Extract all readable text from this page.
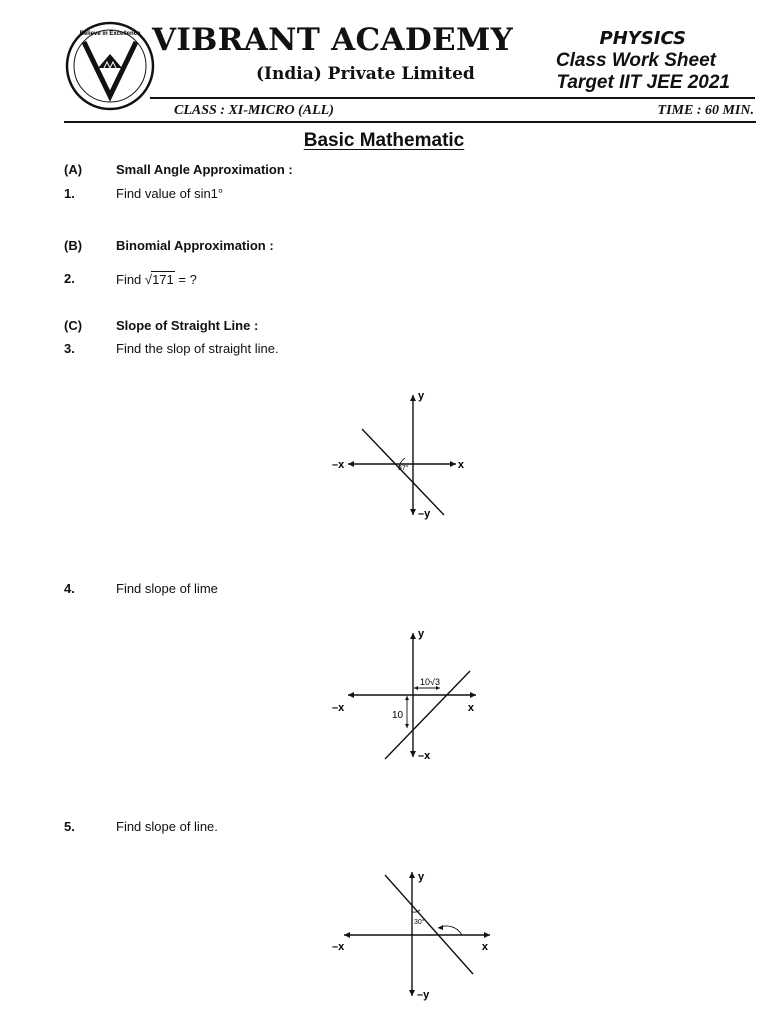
Believe in Excellence VIBRANT ACADEMY
(India) Private Limited
PHYSICS
Class Work Sheet
Target IIT JEE 2021
CLASS : XI-MICRO (ALL)	TIME : 60 MIN.
Basic Mathematic
(A)	Small Angle Approximation :
1.	Find value of sin1°
(B)	Binomial Approximation :
2.	Find √171 = ?
(C)	Slope of Straight Line :
3.	Find the slop of straight line.
y
–y
x
–x	37°
4.	Find slope of lime
y
–x
x
–x
10√3
10
5.	Find slope of line.
y
–y
x
–x
30°
